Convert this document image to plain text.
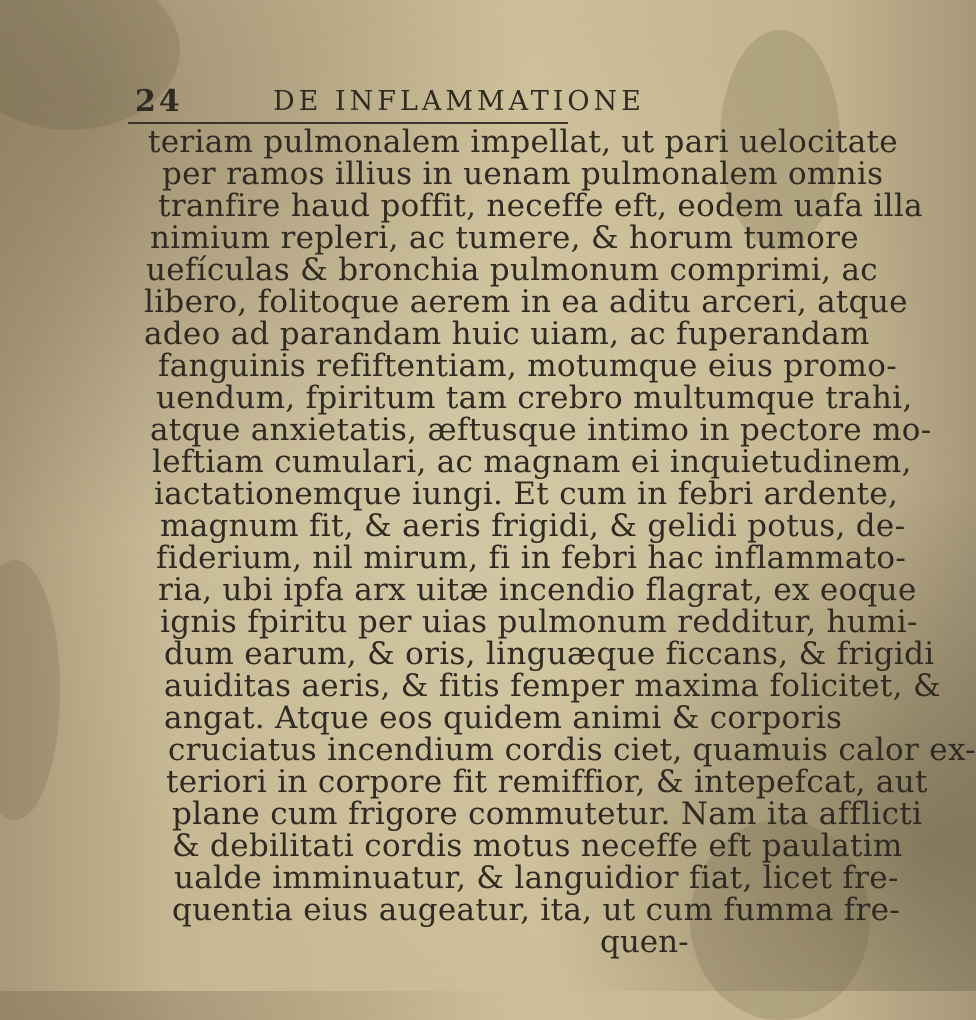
24	DE INFLAMMATIONE
teriam pulmonalem impellat, ut pari uelocitate
per ramos illius in uenam pulmonalem omnis
tranfire haud poffit, neceffe eft, eodem uafa illa
nimium repleri, ac tumere, & horum tumore
uefículas & bronchia pulmonum comprimi, ac
libero, folitoque aerem in ea aditu arceri, atque
adeo ad parandam huic uiam, ac fuperandam
fanguinis refiftentiam, motumque eius promo-
uendum, fpiritum tam crebro multumque trahi,
atque anxietatis, æftusque intimo in pectore mo-
leftiam cumulari, ac magnam ei inquietudinem,
iactationemque iungi. Et cum in febri ardente,
magnum fit, & aeris frigidi, & gelidi potus, de-
fiderium, nil mirum, fi in febri hac inflammato-
ria, ubi ipfa arx uitæ incendio flagrat, ex eoque
ignis fpiritu per uias pulmonum redditur, humi-
dum earum, & oris, linguæque ficcans, & frigidi
auiditas aeris, & fitis femper maxima folicitet, &
angat. Atque eos quidem animi & corporis
cruciatus incendium cordis ciet, quamuis calor ex-
teriori in corpore fit remiffior, & intepefcat, aut
plane cum frigore commutetur. Nam ita afflicti
& debilitati cordis motus neceffe eft paulatim
ualde imminuatur, & languidior fiat, licet fre-
quen-
quentia eius augeatur, ita, ut cum fumma fre-
